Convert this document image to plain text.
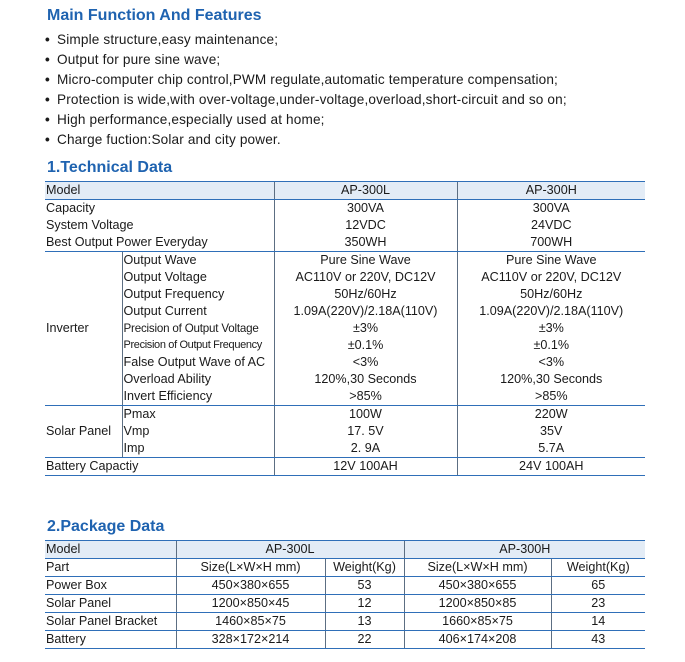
Main Function And Features
• Simple structure,easy maintenance;
• Output for pure sine wave;
• Micro-computer chip control,PWM regulate,automatic temperature compensation;
• Protection is wide,with over-voltage,under-voltage,overload,short-circuit and so on;
• High performance,especially used at home;
• Charge fuction:Solar and city power.
1.Technical Data
Model		AP-300L	AP-300H
Capacity		300VA	300VA
System Voltage		12VDC	24VDC
Best Output Power Everyday		350WH	700WH
Inverter	Output Wave	Pure Sine Wave	Pure Sine Wave
	Output Voltage	AC110V or 220V, DC12V	AC110V or 220V, DC12V
	Output Frequency	50Hz/60Hz	50Hz/60Hz
	Output Current	1.09A(220V)/2.18A(110V)	1.09A(220V)/2.18A(110V)
	Precision of Output Voltage	±3%	±3%
	Precision of Output Frequency	±0.1%	±0.1%
	False Output Wave of AC	<3%	<3%
	Overload Ability	120%,30 Seconds	120%,30 Seconds
	Invert Efficiency	>85%	>85%
Solar Panel	Pmax	100W	220W
	Vmp	17. 5V	35V
	Imp	2. 9A	5.7A
Battery Capactiy		12V 100AH	24V 100AH
2.Package Data
Model	AP-300L		AP-300H	
Part	Size(L×W×H mm)	Weight(Kg)	Size(L×W×H mm)	Weight(Kg)
Power Box	450×380×655	53	450×380×655	65
Solar Panel	1200×850×45	12	1200×850×85	23
Solar Panel Bracket	1460×85×75	13	1660×85×75	14
Battery	328×172×214	22	406×174×208	43
